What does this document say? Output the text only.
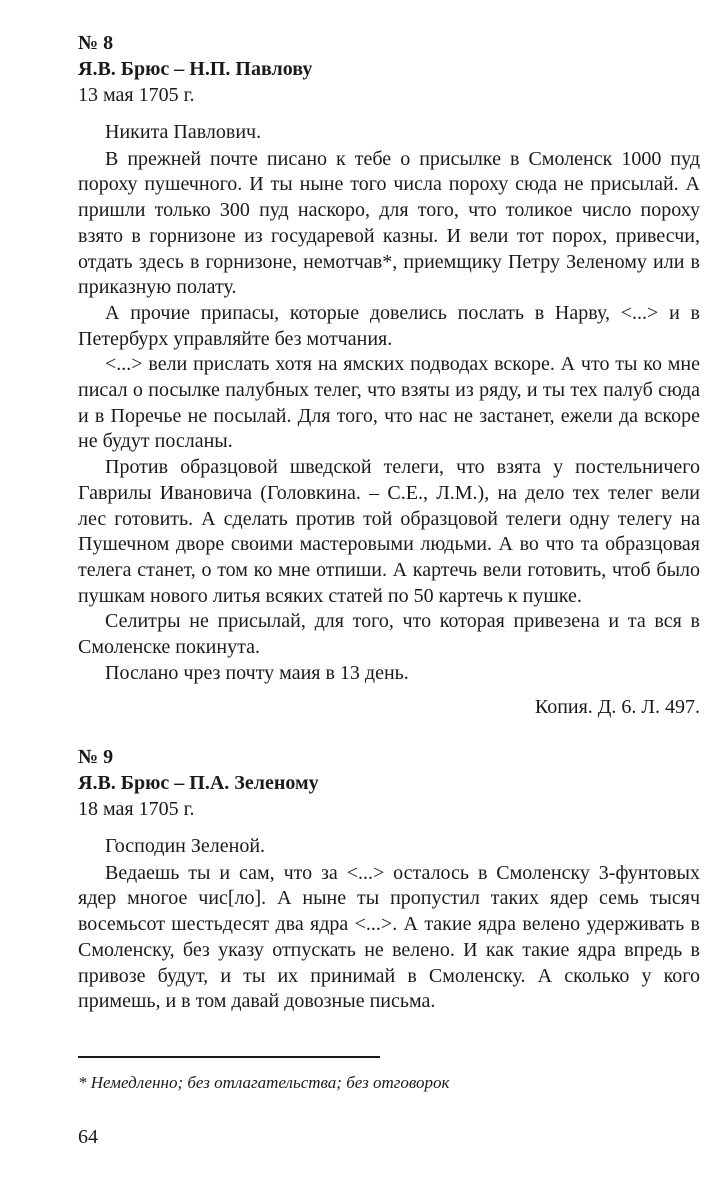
№ 8

Я.В. Брюс – Н.П. Павлову

13 мая 1705 г.

Никита Павлович.

В прежней почте писано к тебе о присылке в Смоленск 1000 пуд пороху пушечного. И ты ныне того числа пороху сюда не присылай. А пришли только 300 пуд наскоро, для того, что толикое число пороху взято в горнизоне из государевой казны. И вели тот порох, привесчи, отдать здесь в горнизоне, немотчав*, приемщику Петру Зеленому или в приказную полату.

А прочие припасы, которые довелись послать в Нарву, <...> и в Петербурх управляйте без мотчания.

<...> вели прислать хотя на ямских подводах вскоре. А что ты ко мне писал о посылке палубных телег, что взяты из ряду, и ты тех палуб сюда и в Поречье не посылай. Для того, что нас не застанет, ежели да вскоре не будут посланы.

Против образцовой шведской телеги, что взята у постельничего Гаврилы Ивановича (Головкина. – С.Е., Л.М.), на дело тех телег вели лес готовить. А сделать против той образцовой телеги одну телегу на Пушечном дворе своими мастеровыми людьми. А во что та образцовая телега станет, о том ко мне отпиши. А картечь вели готовить, чтоб было пушкам нового литья всяких статей по 50 картечь к пушке.

Селитры не присылай, для того, что которая привезена и та вся в Смоленске покинута.

Послано чрез почту маия в 13 день.

Копия. Д. 6. Л. 497.

№ 9

Я.В. Брюс – П.А. Зеленому

18 мая 1705 г.

Господин Зеленой.

Ведаешь ты и сам, что за <...> осталось в Смоленску 3-фунтовых ядер многое чис[ло]. А ныне ты пропустил таких ядер семь тысяч восемьсот шестьдесят два ядра <...>. А такие ядра велено удерживать в Смоленску, без указу отпускать не велено. И как такие ядра впредь в привозе будут, и ты их принимай в Смоленску. А сколько у кого примешь, и в том давай довозные письма.

* Немедленно; без отлагательства; без отговорок
64
